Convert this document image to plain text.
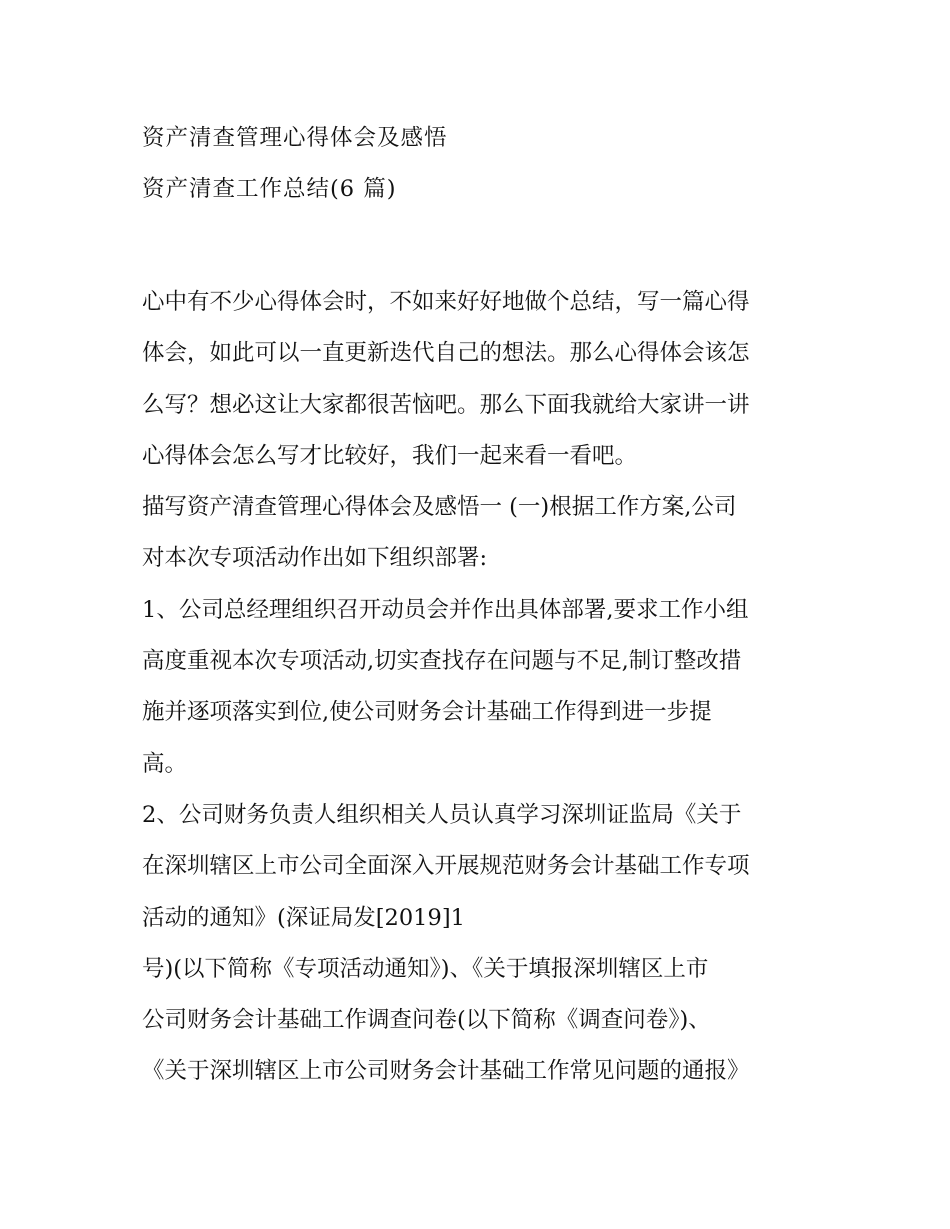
资产清查管理心得体会及感悟
资产清查工作总结(6 篇)
心中有不少心得体会时，不如来好好地做个总结，写一篇心得
体会，如此可以一直更新迭代自己的想法。那么心得体会该怎
么写？想必这让大家都很苦恼吧。那么下面我就给大家讲一讲
心得体会怎么写才比较好，我们一起来看一看吧。
描写资产清查管理心得体会及感悟一 (一)根据工作方案,公司
对本次专项活动作出如下组织部署:
1、公司总经理组织召开动员会并作出具体部署,要求工作小组
高度重视本次专项活动,切实查找存在问题与不足,制订整改措
施并逐项落实到位,使公司财务会计基础工作得到进一步提
高。
2、公司财务负责人组织相关人员认真学习深圳证监局《关于
在深圳辖区上市公司全面深入开展规范财务会计基础工作专项
活动的通知》(深证局发[2019]1
号)(以下简称《专项活动通知》)、《关于填报深圳辖区上市
公司财务会计基础工作调查问卷(以下简称《调查问卷》)、
《关于深圳辖区上市公司财务会计基础工作常见问题的通报》
